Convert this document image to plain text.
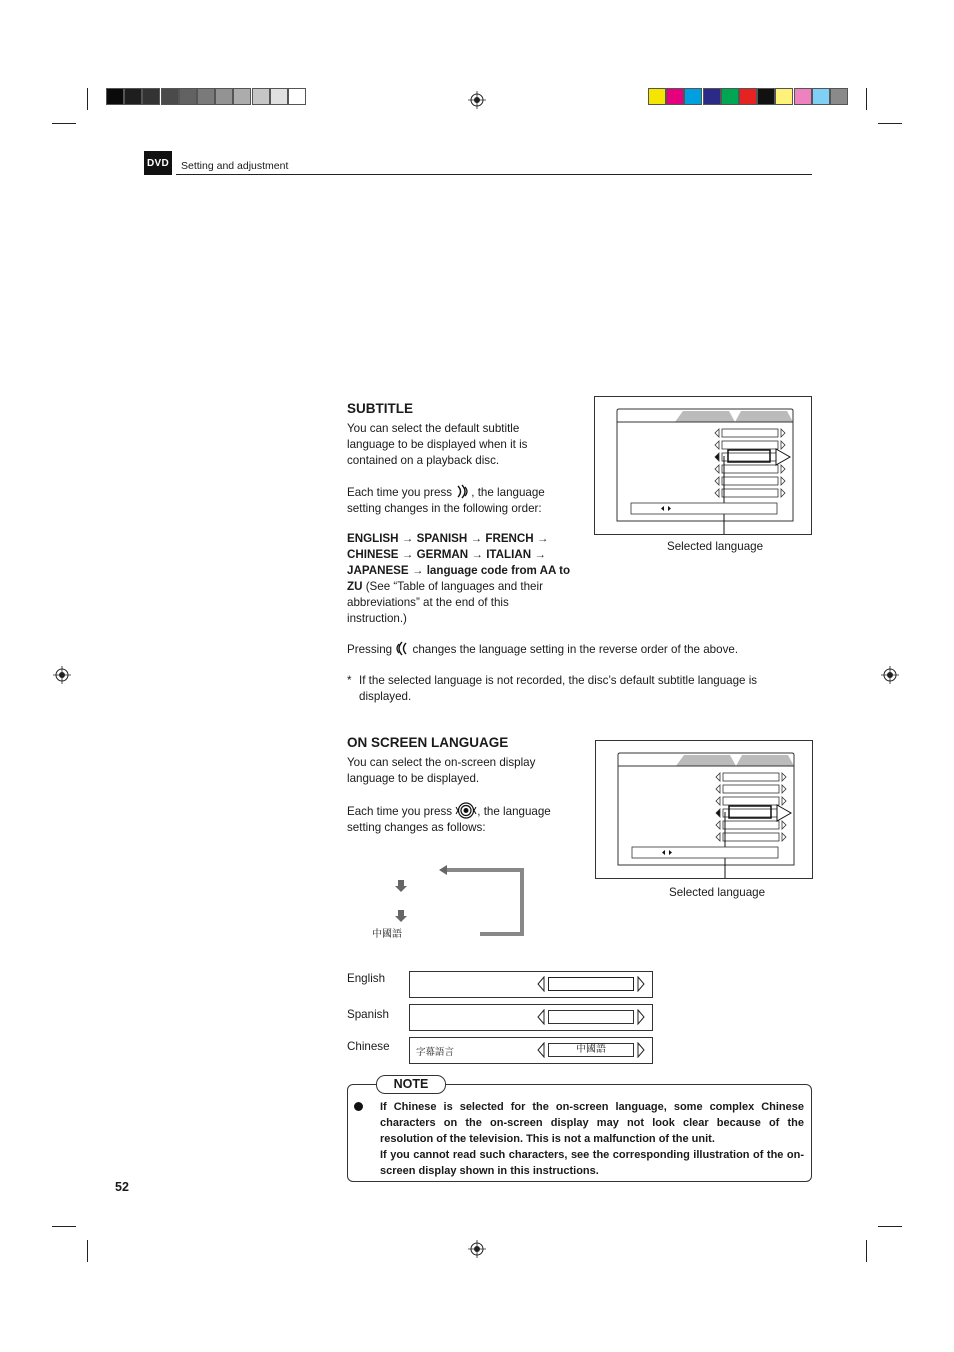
DVD Setting and adjustment
SUBTITLE
You can select the default subtitle
language to be displayed when it is
contained on a playback disc.
Each time you press , the language
setting changes in the following order:
ENGLISH → SPANISH → FRENCH →
CHINESE → GERMAN → ITALIAN →
JAPANESE → language code from AA to
ZU (See “Table of languages and their
abbreviations” at the end of this
instruction.)
Pressing  changes the language setting in the reverse order of the above.
* If the selected language is not recorded, the disc’s default subtitle language is
displayed.
Selected language
ON SCREEN LANGUAGE
You can select the on-screen display
language to be displayed.
Each time you press , the language
setting changes as follows:
中國語
Selected language
English
Spanish
Chinese	字幕語言	中國語
NOTE
If Chinese is selected for the on-screen language, some complex Chinese characters on the on-screen display may not look clear because of the resolution of the television. This is not a malfunction of the unit.
If you cannot read such characters, see the corresponding illustration of the on-screen display shown in this instructions.
52
